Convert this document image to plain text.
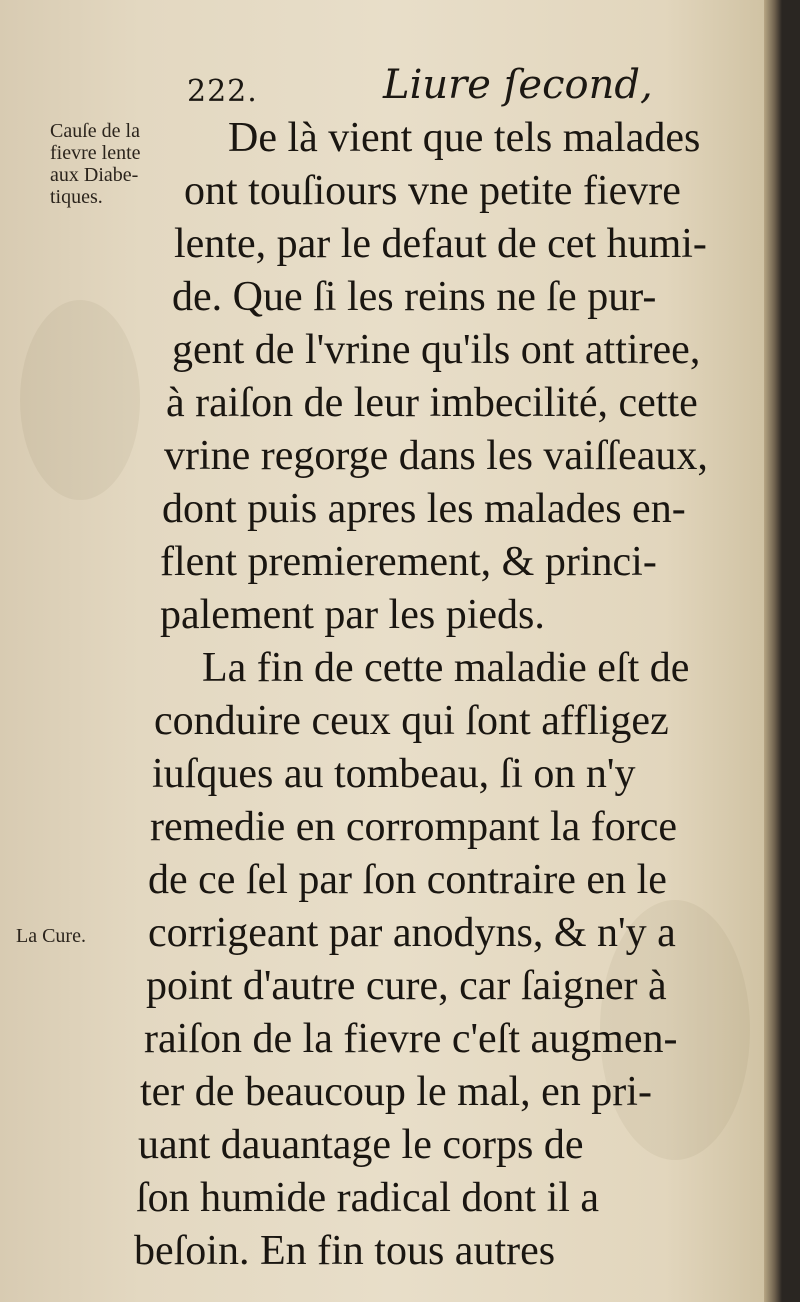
222.	Liure ſecond,
Cauſe de la
fievre lente
aux Diabe-
tiques.
La Cure.
De là vient que tels malades
ont touſiours vne petite fievre
lente, par le defaut de cet humi-
de. Que ſi les reins ne ſe pur-
gent de l'vrine qu'ils ont attiree,
à raiſon de leur imbecilité, cette
vrine regorge dans les vaiſſeaux,
dont puis apres les malades en-
flent premierement, & princi-
palement par les pieds.
La fin de cette maladie eſt de
conduire ceux qui ſont affligez
iuſques au tombeau, ſi on n'y
remedie en corrompant la force
de ce ſel par ſon contraire en le
corrigeant par anodyns, & n'y a
point d'autre cure, car ſaigner à
raiſon de la fievre c'eſt augmen-
ter de beaucoup le mal, en pri-
uant dauantage le corps de
ſon humide radical dont il a
beſoin. En fin tous autres
